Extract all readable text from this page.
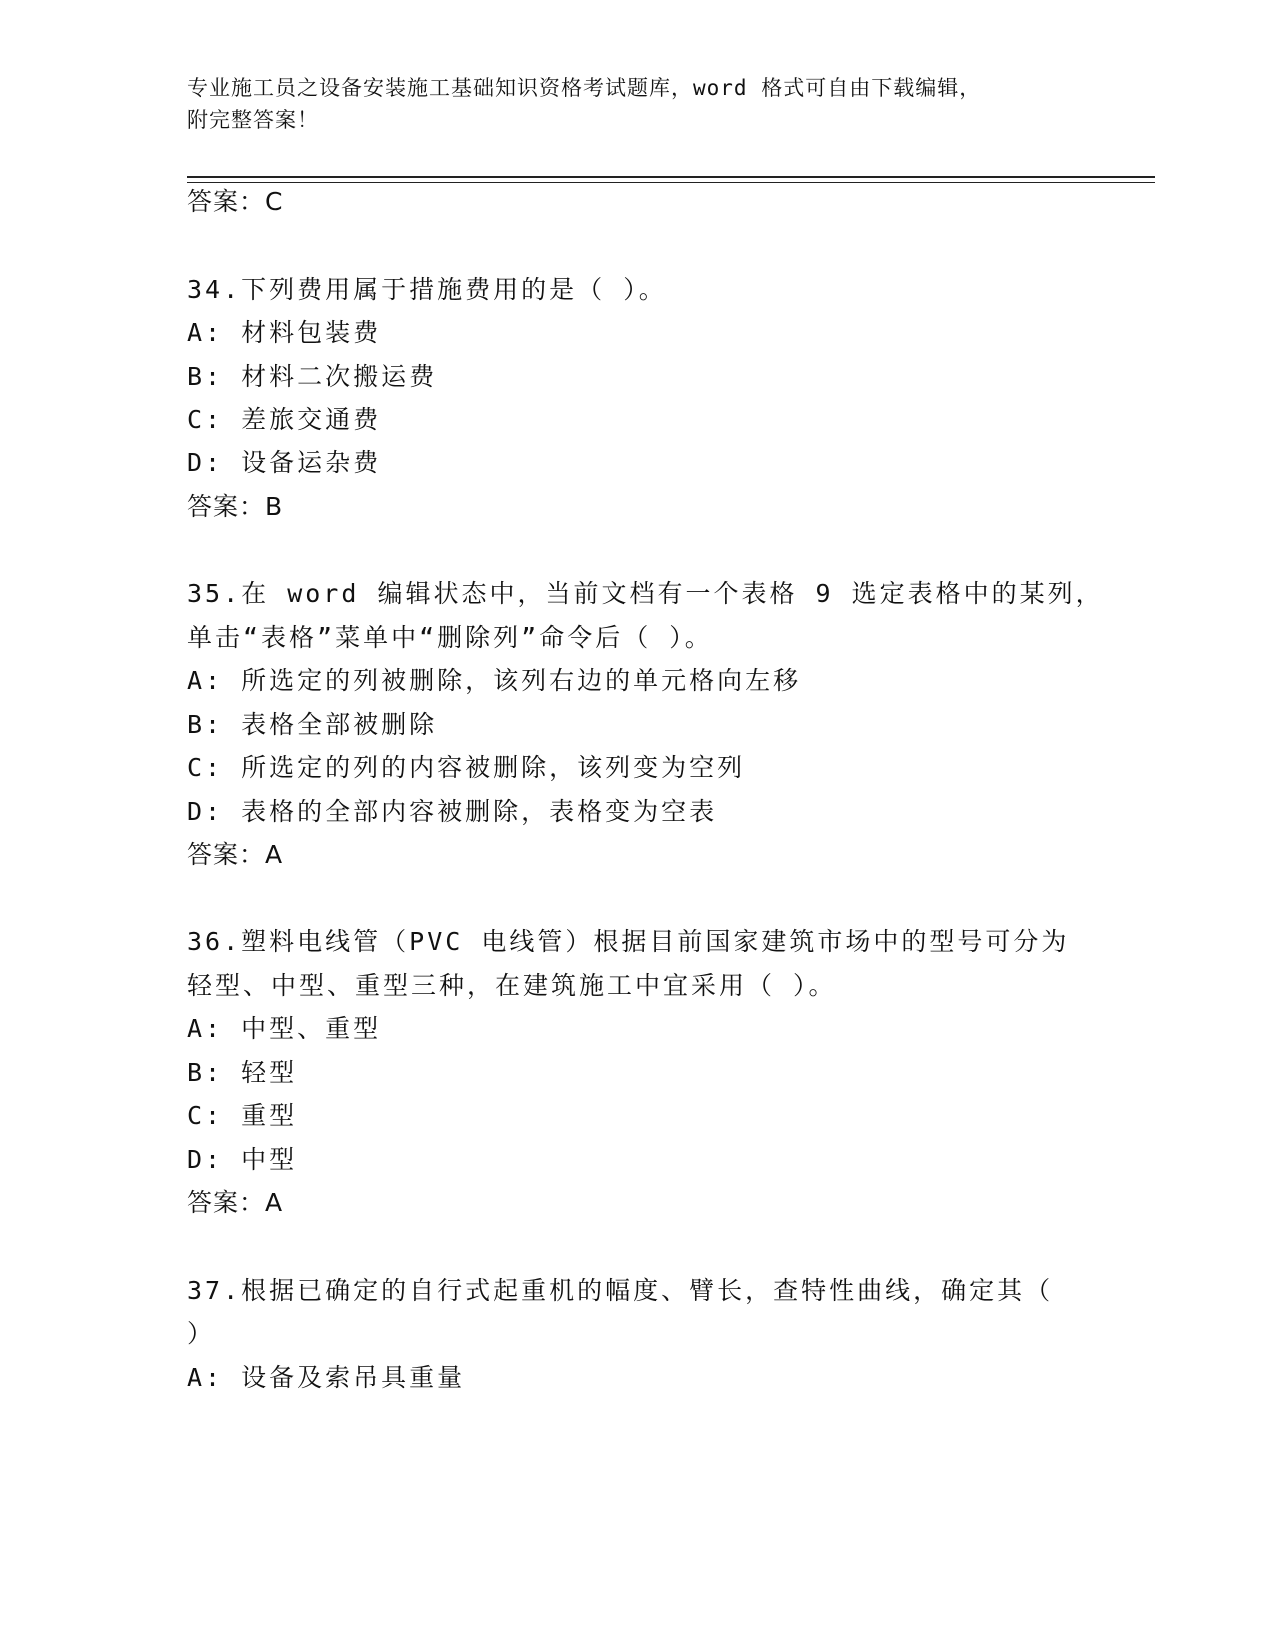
专业施工员之设备安装施工基础知识资格考试题库，word 格式可自由下载编辑，
附完整答案！
答案：C
34.下列费用属于措施费用的是（ ）。
A: 材料包装费
B: 材料二次搬运费
C: 差旅交通费
D: 设备运杂费
答案：B
35.在 word 编辑状态中，当前文档有一个表格 9 选定表格中的某列，
单击“表格”菜单中“删除列”命令后（ ）。
A: 所选定的列被删除，该列右边的单元格向左移
B: 表格全部被删除
C: 所选定的列的内容被删除，该列变为空列
D: 表格的全部内容被删除，表格变为空表
答案：A
36.塑料电线管（PVC 电线管）根据目前国家建筑市场中的型号可分为
轻型、中型、重型三种，在建筑施工中宜采用（ ）。
A: 中型、重型
B: 轻型
C: 重型
D: 中型
答案：A
37.根据已确定的自行式起重机的幅度、臂长，查特性曲线，确定其（
）
A: 设备及索吊具重量
